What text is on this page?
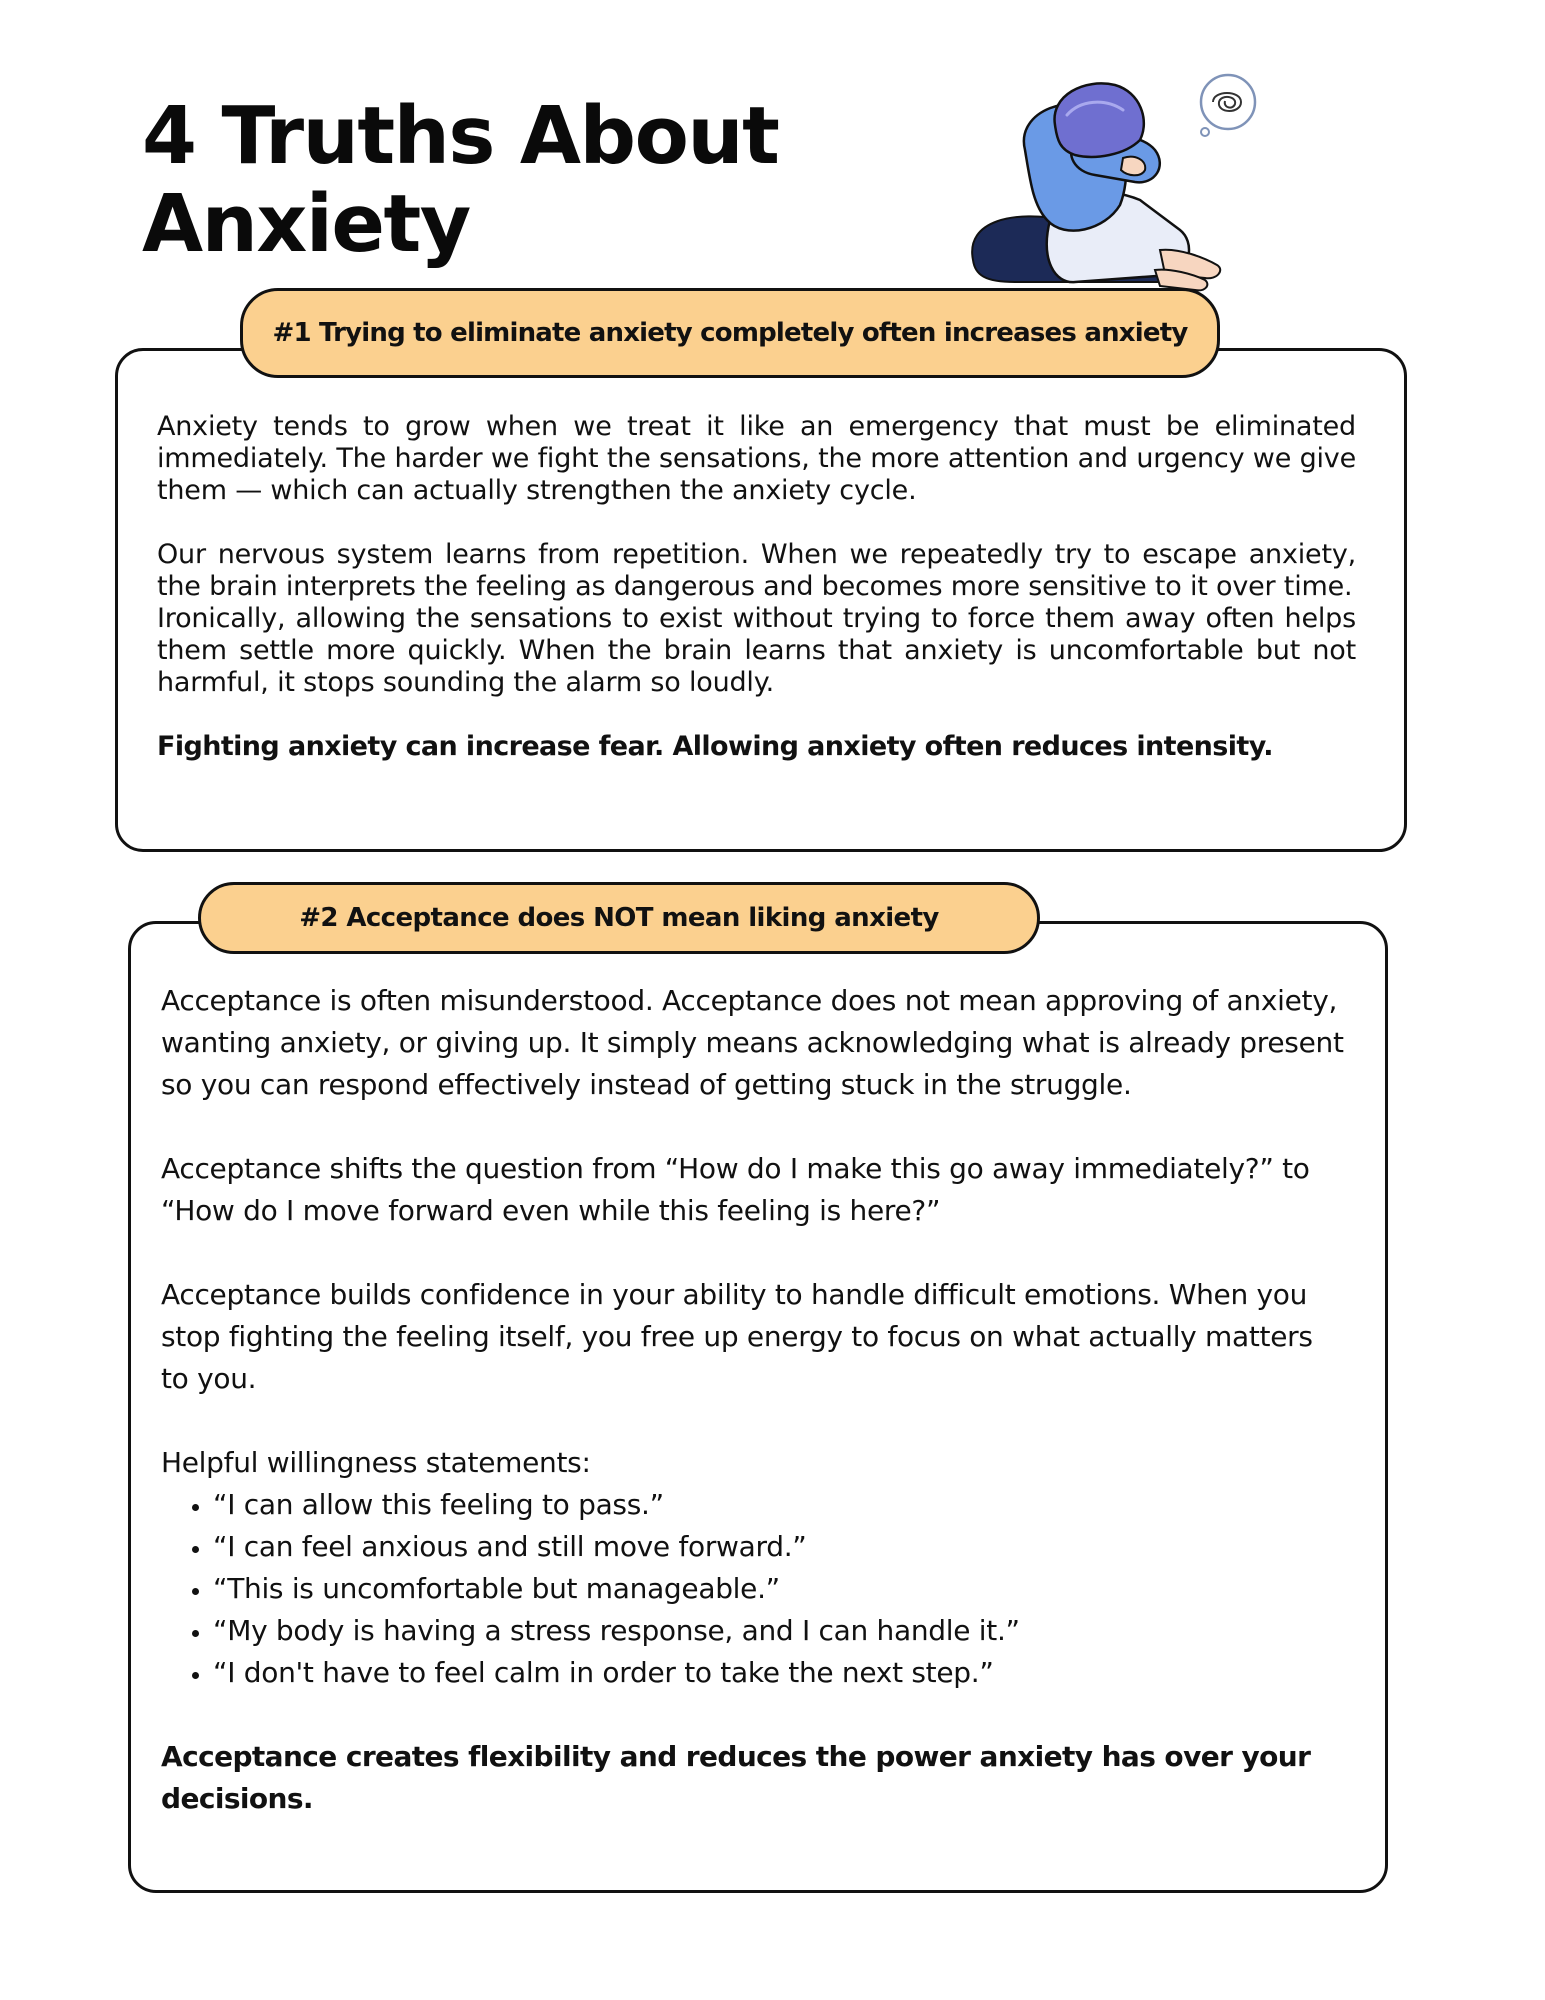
4 Truths About
Anxiety
#1 Trying to eliminate anxiety completely often increases anxiety

Anxiety tends to grow when we treat it like an emergency that must be eliminated immediately. The harder we fight the sensations, the more attention and urgency we give them — which can actually strengthen the anxiety cycle.

Our nervous system learns from repetition. When we repeatedly try to escape anxiety, the brain interprets the feeling as dangerous and becomes more sensitive to it over time.

Ironically, allowing the sensations to exist without trying to force them away often helps them settle more quickly. When the brain learns that anxiety is uncomfortable but not harmful, it stops sounding the alarm so loudly.

Fighting anxiety can increase fear. Allowing anxiety often reduces intensity.

#2 Acceptance does NOT mean liking anxiety

Acceptance is often misunderstood. Acceptance does not mean approving of anxiety, wanting anxiety, or giving up. It simply means acknowledging what is already present so you can respond effectively instead of getting stuck in the struggle.

Acceptance shifts the question from “How do I make this go away immediately?” to “How do I move forward even while this feeling is here?”

Acceptance builds confidence in your ability to handle difficult emotions. When you stop fighting the feeling itself, you free up energy to focus on what actually matters to you.

Helpful willingness statements:

• “I can allow this feeling to pass.”
• “I can feel anxious and still move forward.”
• “This is uncomfortable but manageable.”
• “My body is having a stress response, and I can handle it.”
• “I don't have to feel calm in order to take the next step.”

Acceptance creates flexibility and reduces the power anxiety has over your decisions.
